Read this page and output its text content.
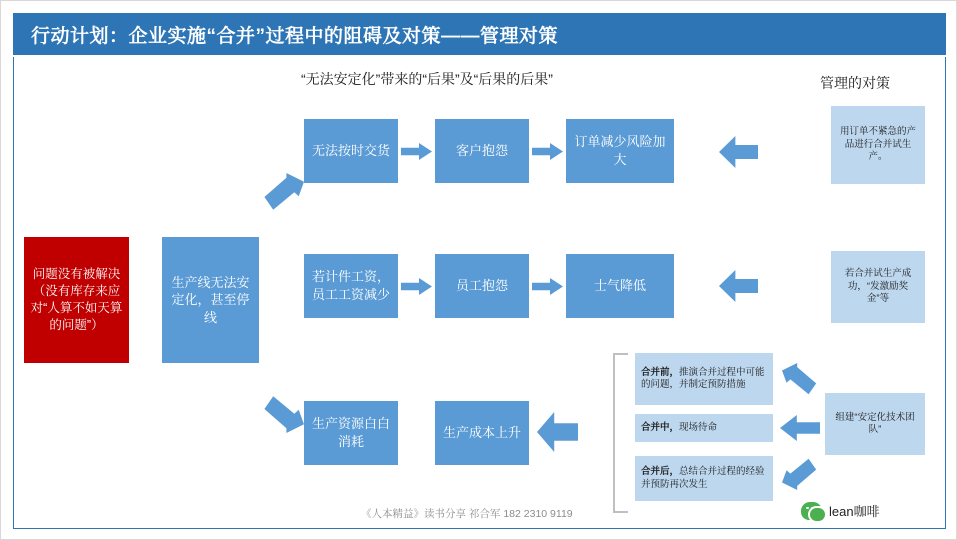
行动计划：企业实施“合并”过程中的阻碍及对策——管理对策
“无法安定化”带来的“后果”及“后果的后果”	管理的对策
问题没有被解决（没有库存来应对“人算不如天算的问题”）
生产线无法安定化，甚至停线
无法按时交货	客户抱怨
订单减少风险加大
用订单不紧急的产品进行合并试生产。
若计件工资，员工工资减少
员工抱怨	士气降低
若合并试生产成功，“发激励奖金”等
生产资源白白消耗
生产成本上升
合并前，推演合并过程中可能的问题，并制定预防措施
合并中，现场待命
合并后，总结合并过程的经验并预防再次发生
组建“安定化技术团队”
《人本精益》读书分享 祁合军 182 2310 9119	lean咖啡
